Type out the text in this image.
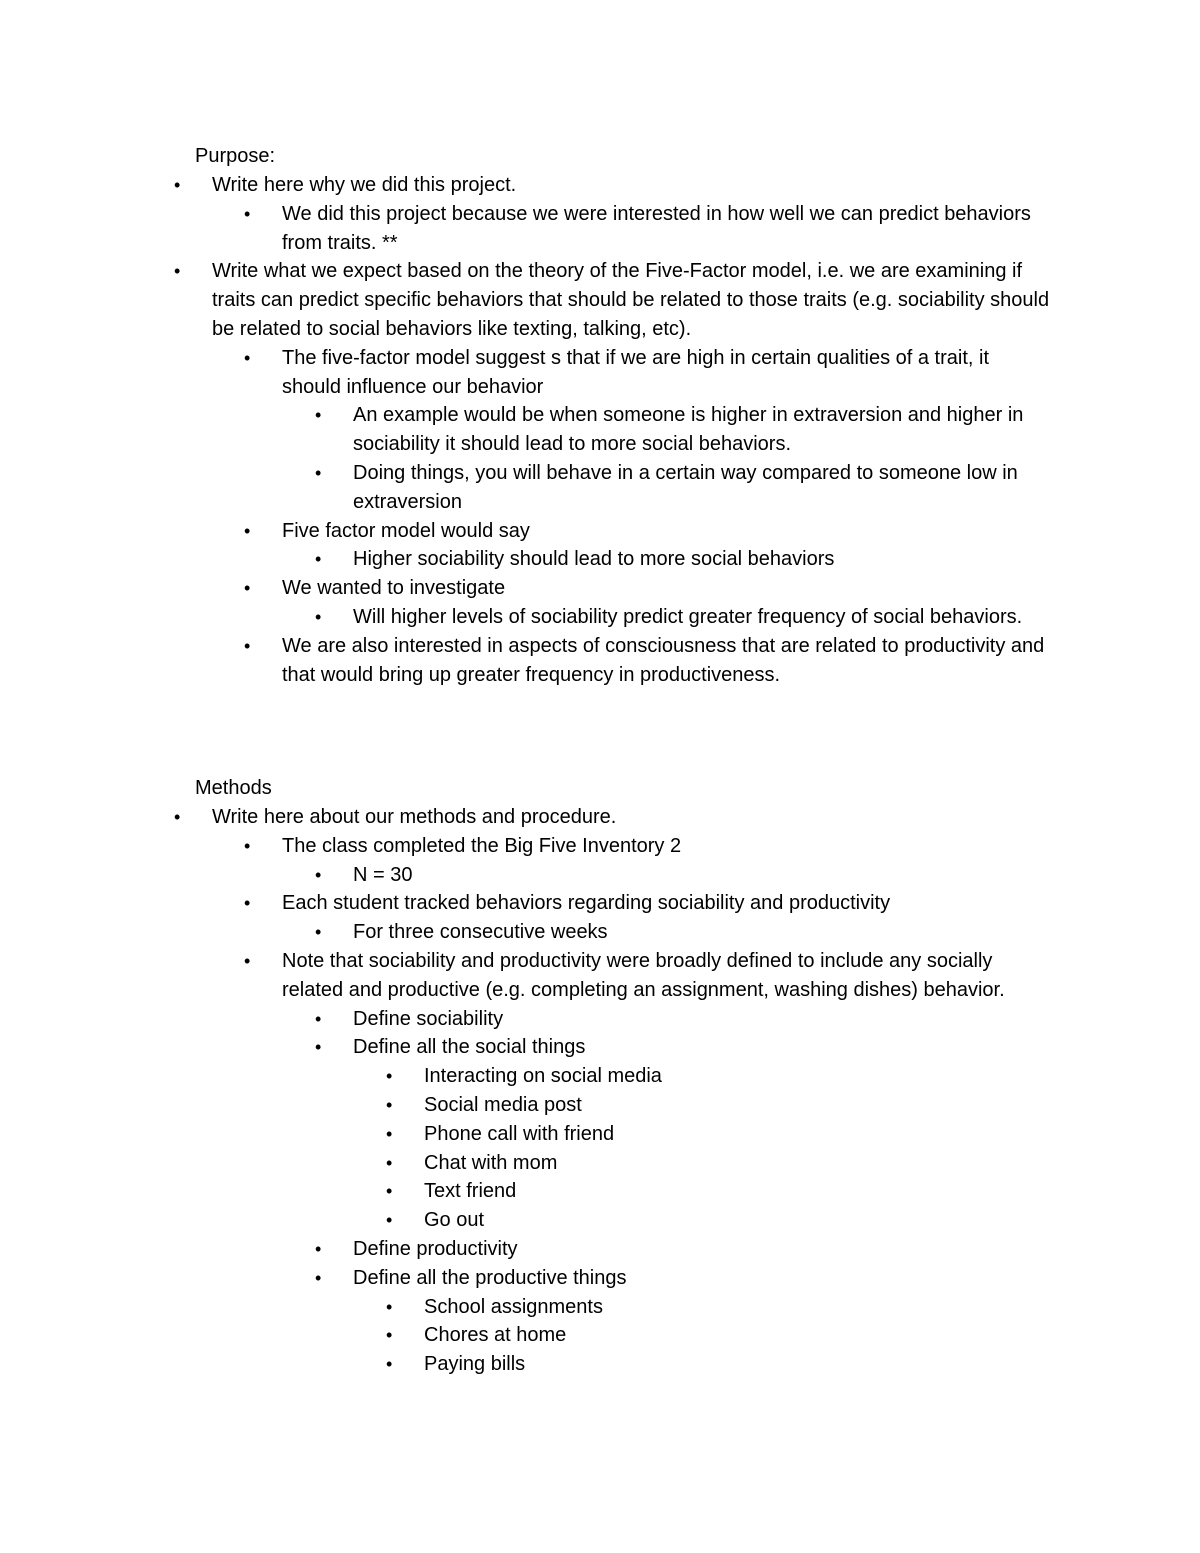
Purpose:
• Write here why we did this project.
• We did this project because we were interested in how well we can predict behaviors from traits. **
• Write what we expect based on the theory of the Five-Factor model, i.e. we are examining if traits can predict specific behaviors that should be related to those traits (e.g. sociability should be related to social behaviors like texting, talking, etc).
• The five-factor model suggest s that if we are high in certain qualities of a trait, it should influence our behavior
• An example would be when someone is higher in extraversion and higher in sociability it should lead to more social behaviors.
• Doing things, you will behave in a certain way compared to someone low in extraversion
• Five factor model would say
• Higher sociability should lead to more social behaviors
• We wanted to investigate
• Will higher levels of sociability predict greater frequency of social behaviors.
• We are also interested in aspects of consciousness that are related to productivity and that would bring up greater frequency in productiveness.
Methods
• Write here about our methods and procedure.
• The class completed the Big Five Inventory 2
• N = 30
• Each student tracked behaviors regarding sociability and productivity
• For three consecutive weeks
• Note that sociability and productivity were broadly defined to include any socially related and productive (e.g. completing an assignment, washing dishes) behavior.
• Define sociability
• Define all the social things
• Interacting on social media
• Social media post
• Phone call with friend
• Chat with mom
• Text friend
• Go out
• Define productivity
• Define all the productive things
• School assignments
• Chores at home
• Paying bills
